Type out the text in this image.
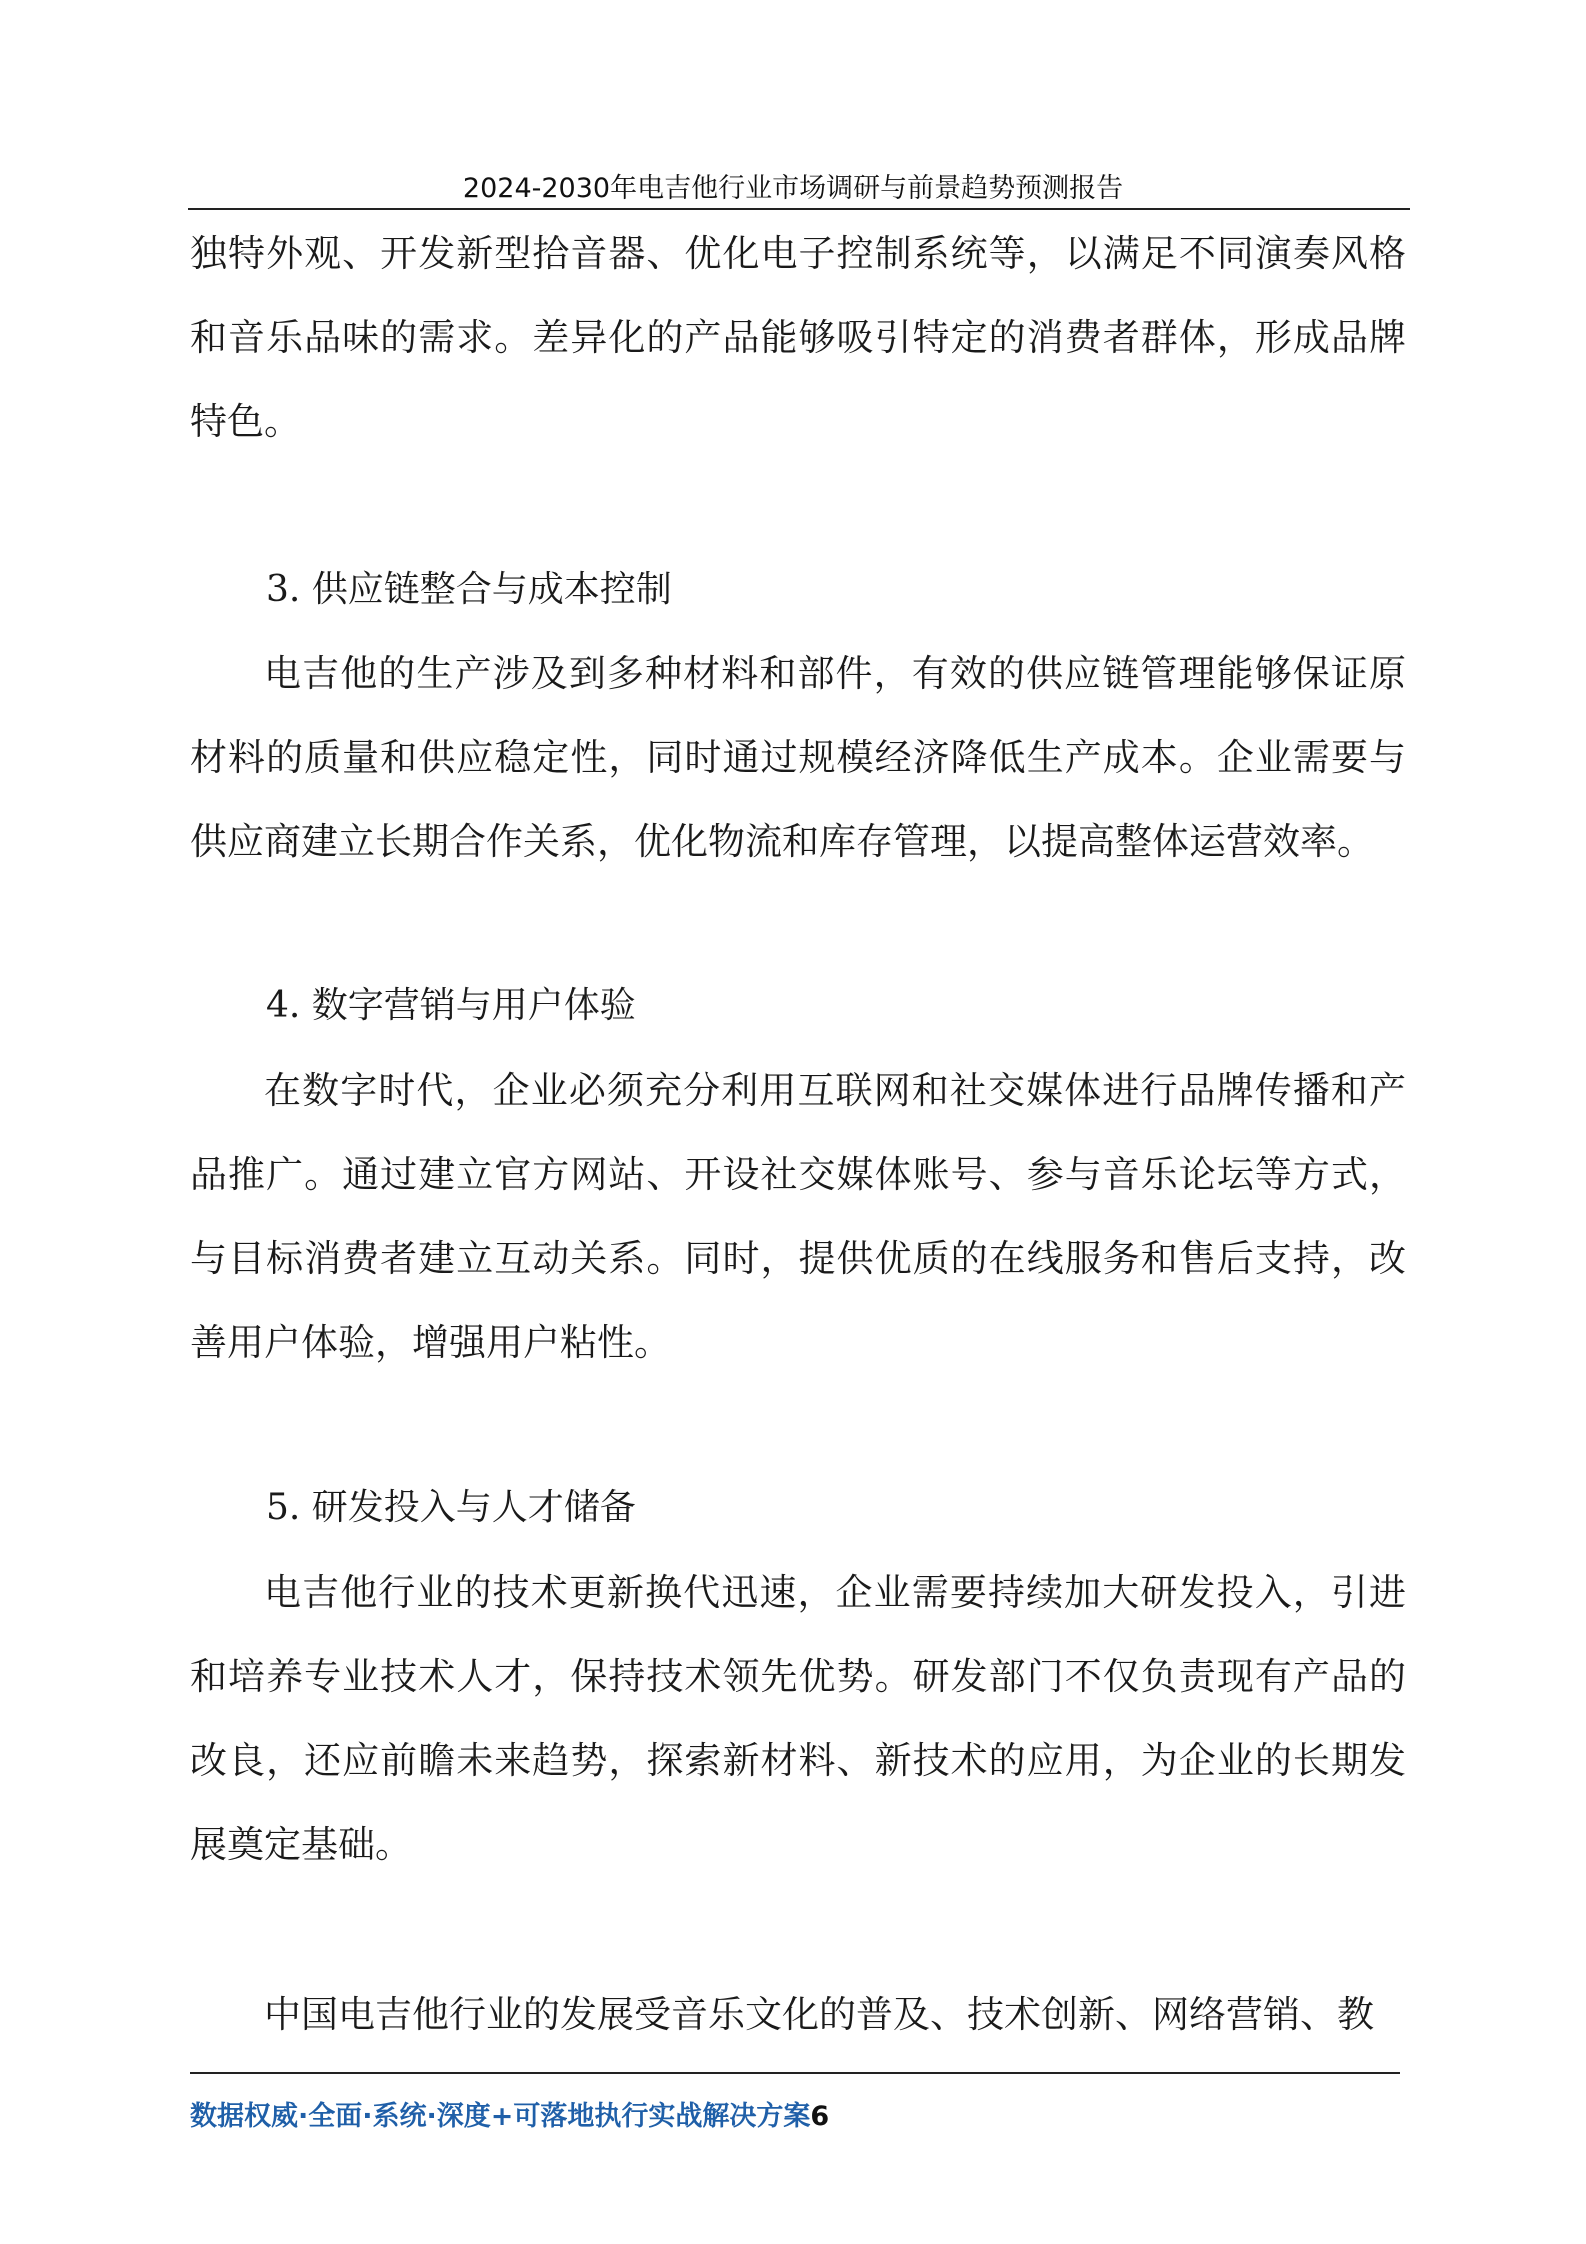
2024-2030年电吉他行业市场调研与前景趋势预测报告

独特外观、开发新型拾音器、优化电子控制系统等，以满足不同演奏风格和音乐品味的需求。差异化的产品能够吸引特定的消费者群体，形成品牌特色。

3. 供应链整合与成本控制

电吉他的生产涉及到多种材料和部件，有效的供应链管理能够保证原材料的质量和供应稳定性，同时通过规模经济降低生产成本。企业需要与供应商建立长期合作关系，优化物流和库存管理，以提高整体运营效率。

4. 数字营销与用户体验

在数字时代，企业必须充分利用互联网和社交媒体进行品牌传播和产品推广。通过建立官方网站、开设社交媒体账号、参与音乐论坛等方式，与目标消费者建立互动关系。同时，提供优质的在线服务和售后支持，改善用户体验，增强用户粘性。

5. 研发投入与人才储备

电吉他行业的技术更新换代迅速，企业需要持续加大研发投入，引进和培养专业技术人才，保持技术领先优势。研发部门不仅负责现有产品的改良，还应前瞻未来趋势，探索新材料、新技术的应用，为企业的长期发展奠定基础。

中国电吉他行业的发展受音乐文化的普及、技术创新、网络营销、教

数据权威·全面·系统·深度+可落地执行实战解决方案6
